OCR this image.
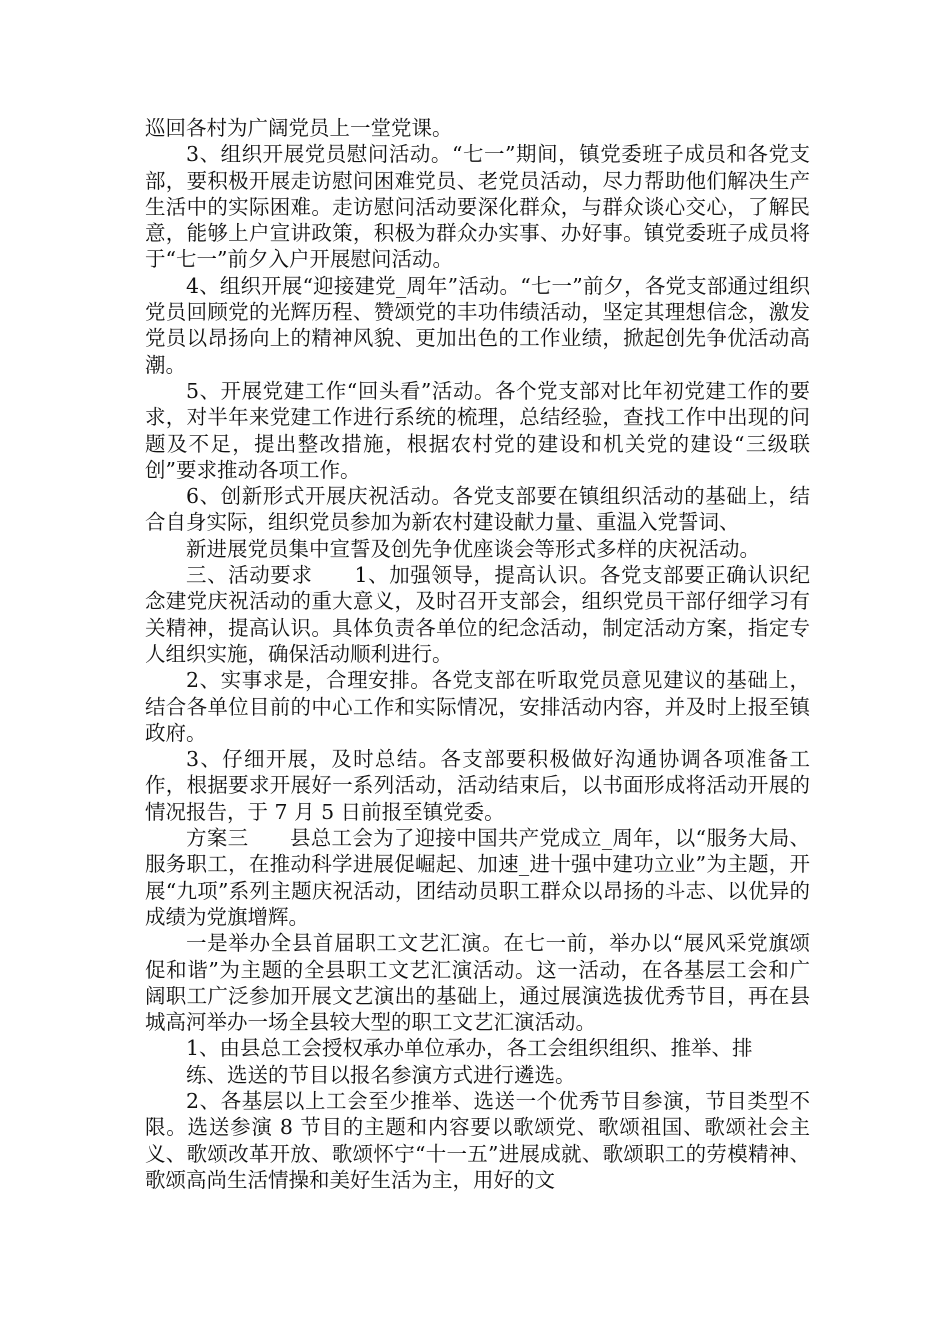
巡回各村为广阔党员上一堂党课。

3、组织开展党员慰问活动。“七一”期间，镇党委班子成员和各党支部，要积极开展走访慰问困难党员、老党员活动，尽力帮助他们解决生产生活中的实际困难。走访慰问活动要深化群众，与群众谈心交心，了解民意，能够上户宣讲政策，积极为群众办实事、办好事。镇党委班子成员将于“七一”前夕入户开展慰问活动。

4、组织开展“迎接建党_周年”活动。“七一”前夕，各党支部通过组织党员回顾党的光辉历程、赞颂党的丰功伟绩活动，坚定其理想信念，激发党员以昂扬向上的精神风貌、更加出色的工作业绩，掀起创先争优活动高潮。

5、开展党建工作“回头看”活动。各个党支部对比年初党建工作的要求，对半年来党建工作进行系统的梳理，总结经验，查找工作中出现的问题及不足，提出整改措施，根据农村党的建设和机关党的建设“三级联创”要求推动各项工作。

6、创新形式开展庆祝活动。各党支部要在镇组织活动的基础上，结合自身实际，组织党员参加为新农村建设献力量、重温入党誓词、

新进展党员集中宣誓及创先争优座谈会等形式多样的庆祝活动。

三、活动要求　　1、加强领导，提高认识。各党支部要正确认识纪念建党庆祝活动的重大意义，及时召开支部会，组织党员干部仔细学习有关精神，提高认识。具体负责各单位的纪念活动，制定活动方案，指定专人组织实施，确保活动顺利进行。

2、实事求是，合理安排。各党支部在听取党员意见建议的基础上，结合各单位目前的中心工作和实际情况，安排活动内容，并及时上报至镇政府。

3、仔细开展，及时总结。各支部要积极做好沟通协调各项准备工作，根据要求开展好一系列活动，活动结束后，以书面形成将活动开展的情况报告，于 7 月 5 日前报至镇党委。

方案三　　县总工会为了迎接中国共产党成立_周年，以“服务大局、服务职工，在推动科学进展促崛起、加速_进十强中建功立业”为主题，开展“九项”系列主题庆祝活动，团结动员职工群众以昂扬的斗志、以优异的成绩为党旗增辉。

一是举办全县首届职工文艺汇演。在七一前，举办以“展风采党旗颂促和谐”为主题的全县职工文艺汇演活动。这一活动，在各基层工会和广阔职工广泛参加开展文艺演出的基础上，通过展演选拔优秀节目，再在县城高河举办一场全县较大型的职工文艺汇演活动。

1、由县总工会授权承办单位承办，各工会组织组织、推举、排

练、选送的节目以报名参演方式进行遴选。

2、各基层以上工会至少推举、选送一个优秀节目参演，节目类型不限。选送参演 8 节目的主题和内容要以歌颂党、歌颂祖国、歌颂社会主义、歌颂改革开放、歌颂怀宁“十一五”进展成就、歌颂职工的劳模精神、歌颂高尚生活情操和美好生活为主，用好的文
